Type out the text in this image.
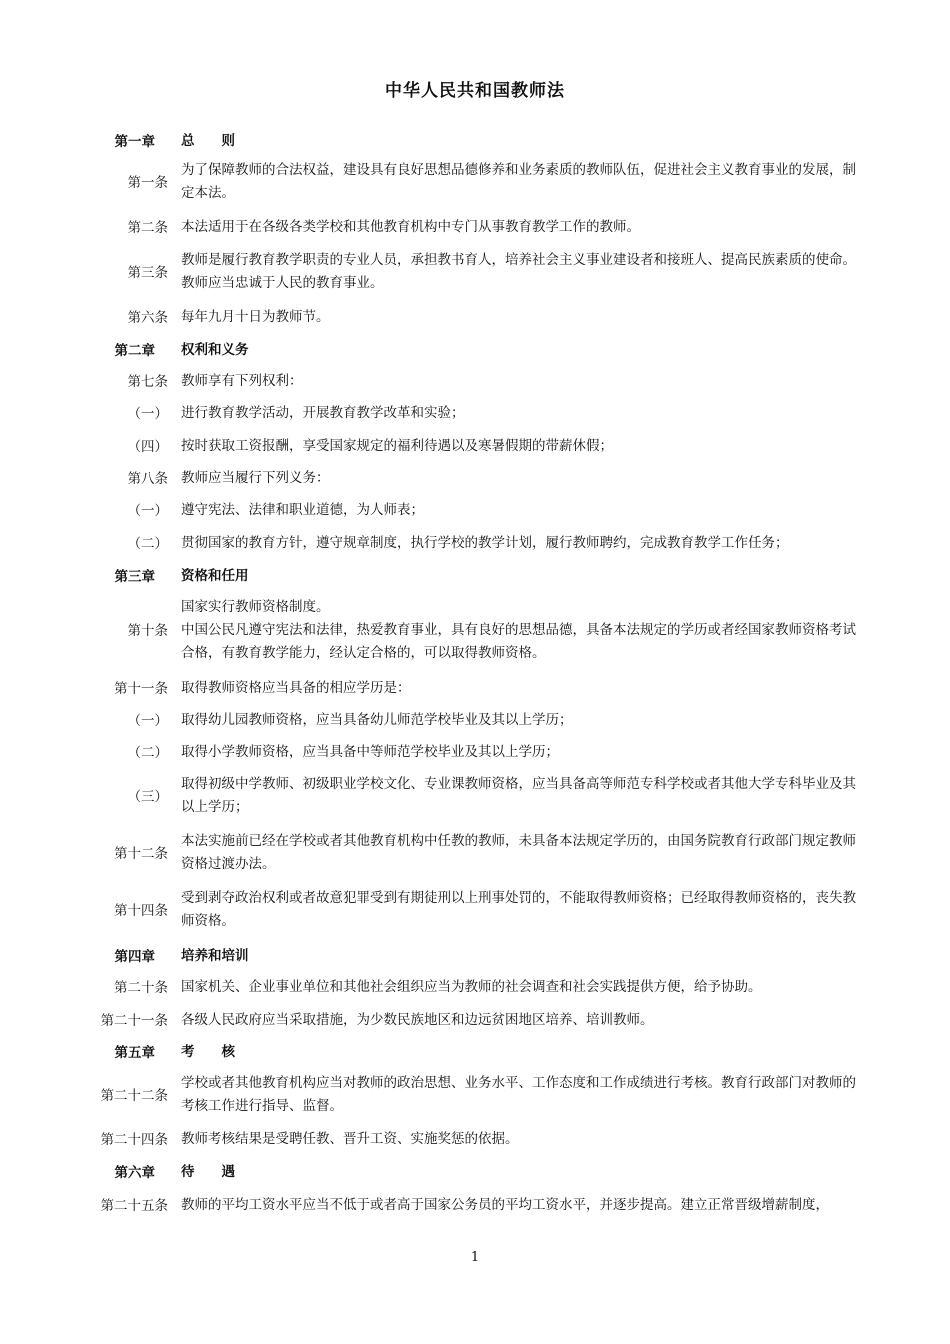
中华人民共和国教师法
第一章 总　　则
第一条
为了保障教师的合法权益，建设具有良好思想品德修养和业务素质的教师队伍，促进社会主义教育事业的发展，制定本法。
第二条 本法适用于在各级各类学校和其他教育机构中专门从事教育教学工作的教师。
第三条
教师是履行教育教学职责的专业人员，承担教书育人，培养社会主义事业建设者和接班人、提高民族素质的使命。教师应当忠诚于人民的教育事业。
第六条 每年九月十日为教师节。
第二章 权利和义务
第七条 教师享有下列权利：
（一） 进行教育教学活动，开展教育教学改革和实验；
（四） 按时获取工资报酬，享受国家规定的福利待遇以及寒暑假期的带薪休假；
第八条 教师应当履行下列义务：
（一） 遵守宪法、法律和职业道德，为人师表；
（二） 贯彻国家的教育方针，遵守规章制度，执行学校的教学计划，履行教师聘约，完成教育教学工作任务；
第三章 资格和任用
第十条
国家实行教师资格制度。
中国公民凡遵守宪法和法律，热爱教育事业，具有良好的思想品德，具备本法规定的学历或者经国家教师资格考试合格，有教育教学能力，经认定合格的，可以取得教师资格。
第十一条 取得教师资格应当具备的相应学历是：
（一） 取得幼儿园教师资格，应当具备幼儿师范学校毕业及其以上学历；
（二） 取得小学教师资格，应当具备中等师范学校毕业及其以上学历；
（三）
取得初级中学教师、初级职业学校文化、专业课教师资格，应当具备高等师范专科学校或者其他大学专科毕业及其以上学历；
第十二条
本法实施前已经在学校或者其他教育机构中任教的教师，未具备本法规定学历的，由国务院教育行政部门规定教师资格过渡办法。
第十四条
受到剥夺政治权利或者故意犯罪受到有期徒刑以上刑事处罚的，不能取得教师资格；已经取得教师资格的，丧失教师资格。
第四章 培养和培训
第二十条 国家机关、企业事业单位和其他社会组织应当为教师的社会调查和社会实践提供方便，给予协助。
第二十一条 各级人民政府应当采取措施，为少数民族地区和边远贫困地区培养、培训教师。
第五章 考　　核
第二十二条
学校或者其他教育机构应当对教师的政治思想、业务水平、工作态度和工作成绩进行考核。教育行政部门对教师的考核工作进行指导、监督。
第二十四条 教师考核结果是受聘任教、晋升工资、实施奖惩的依据。
第六章 待　　遇
第二十五条 教师的平均工资水平应当不低于或者高于国家公务员的平均工资水平，并逐步提高。建立正常晋级增薪制度，
1
